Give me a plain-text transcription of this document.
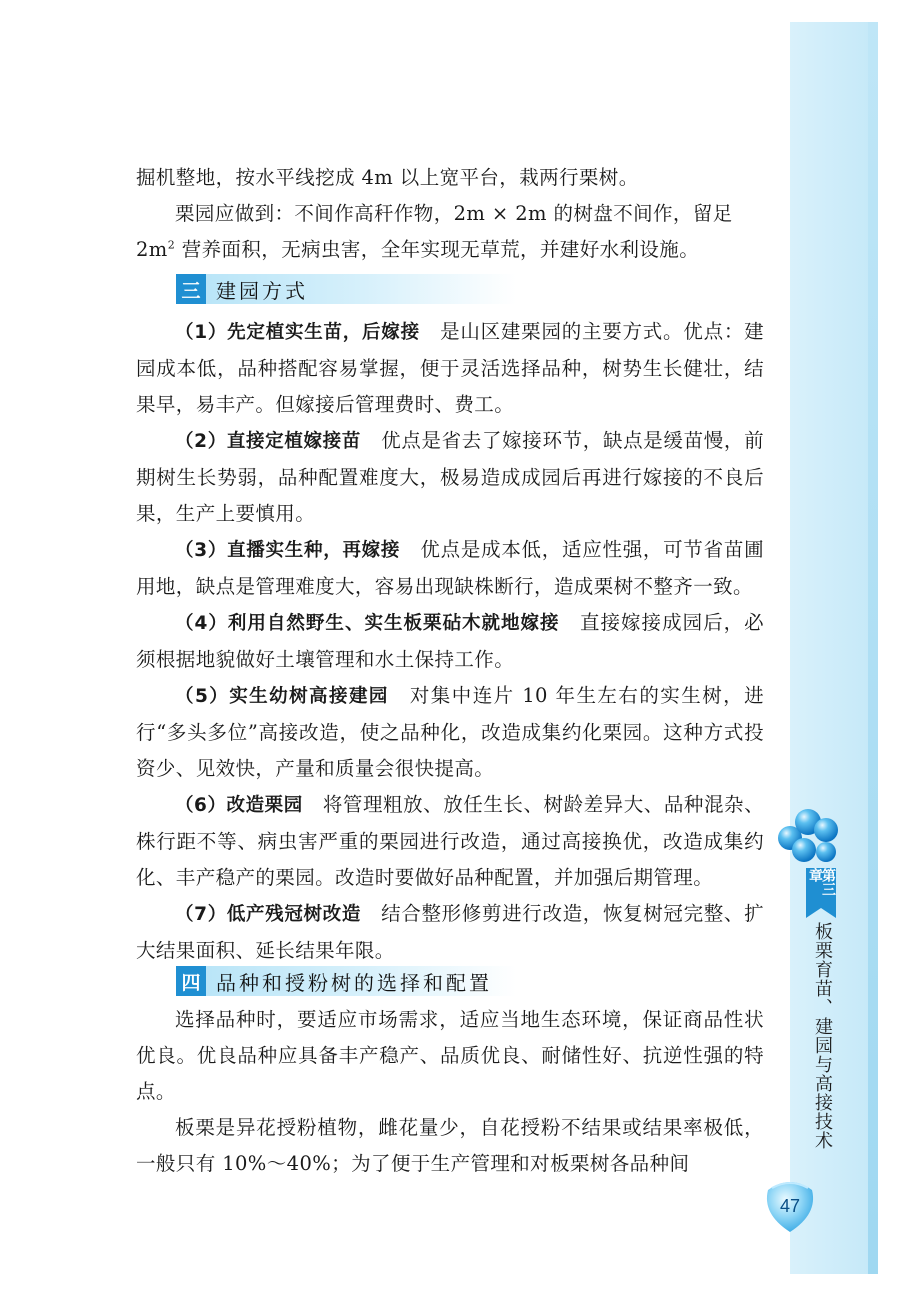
掘机整地，按水平线挖成 4m 以上宽平台，栽两行栗树。

栗园应做到：不间作高秆作物，2m × 2m 的树盘不间作，留足

$2m^2$ 营养面积，无病虫害，全年实现无草荒，并建好水利设施。

三 建园方式

（1）先定植实生苗，后嫁接　是山区建栗园的主要方式。优点：建园成本低，品种搭配容易掌握，便于灵活选择品种，树势生长健壮，结果早，易丰产。但嫁接后管理费时、费工。

（2）直接定植嫁接苗　优点是省去了嫁接环节，缺点是缓苗慢，前期树生长势弱，品种配置难度大，极易造成成园后再进行嫁接的不良后果，生产上要慎用。

（3）直播实生种，再嫁接　优点是成本低，适应性强，可节省苗圃用地，缺点是管理难度大，容易出现缺株断行，造成栗树不整齐一致。

（4）利用自然野生、实生板栗砧木就地嫁接　直接嫁接成园后，必须根据地貌做好土壤管理和水土保持工作。

（5）实生幼树高接建园　对集中连片 10 年生左右的实生树，进行“多头多位”高接改造，使之品种化，改造成集约化栗园。这种方式投资少、见效快，产量和质量会很快提高。

（6）改造栗园　将管理粗放、放任生长、树龄差异大、品种混杂、株行距不等、病虫害严重的栗园进行改造，通过高接换优，改造成集约化、丰产稳产的栗园。改造时要做好品种配置，并加强后期管理。

（7）低产残冠树改造　结合整形修剪进行改造，恢复树冠完整、扩大结果面积、延长结果年限。

四 品种和授粉树的选择和配置

选择品种时，要适应市场需求，适应当地生态环境，保证商品性状优良。优良品种应具备丰产稳产、品质优良、耐储性好、抗逆性强的特点。

板栗是异花授粉植物，雌花量少，自花授粉不结果或结果率极低，一般只有 10%～40%；为了便于生产管理和对板栗树各品种间

第三章
板栗育苗、建园与高接技术
47
